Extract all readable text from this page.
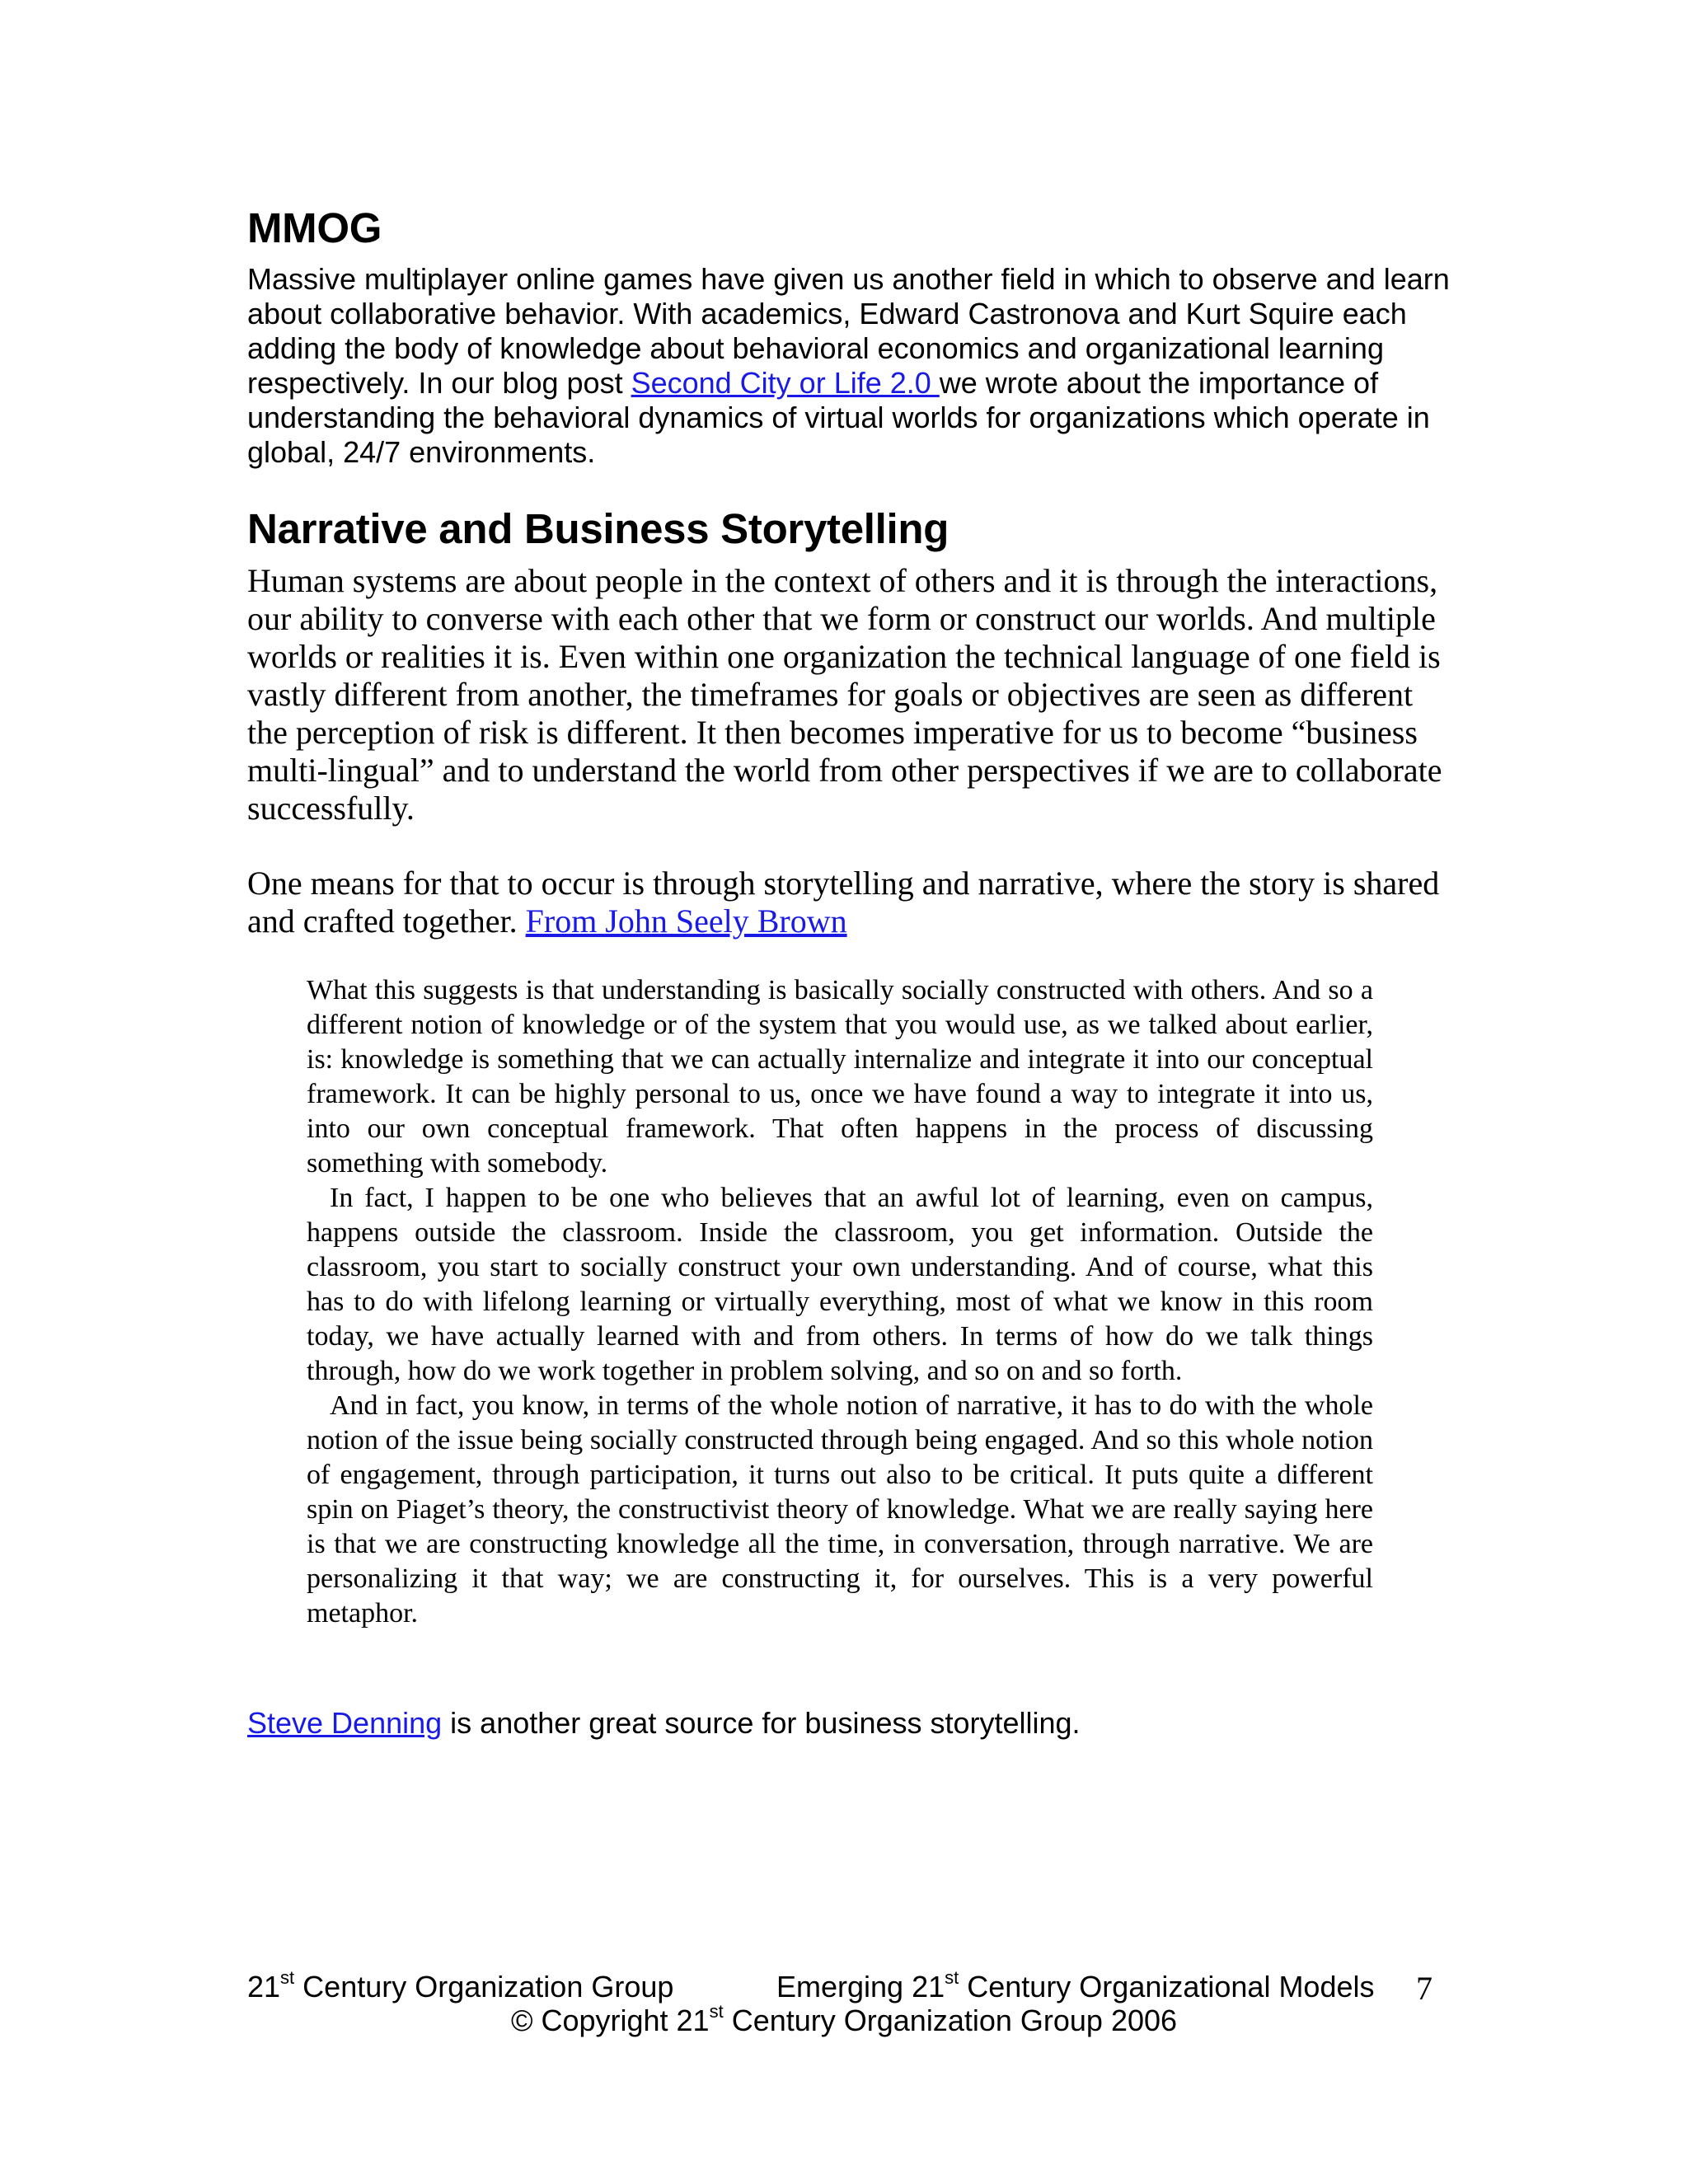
MMOG

Massive multiplayer online games have given us another field in which to observe and learn about collaborative behavior. With academics, Edward Castronova and Kurt Squire each adding the body of knowledge about behavioral economics and organizational learning respectively. In our blog post Second City or Life 2.0 we wrote about the importance of understanding the behavioral dynamics of virtual worlds for organizations which operate in global, 24/7 environments.

Narrative and Business Storytelling

Human systems are about people in the context of others and it is through the interactions, our ability to converse with each other that we form or construct our worlds. And multiple worlds or realities it is. Even within one organization the technical language of one field is vastly different from another, the timeframes for goals or objectives are seen as different the perception of risk is different. It then becomes imperative for us to become “business multi-lingual” and to understand the world from other perspectives if we are to collaborate successfully.

One means for that to occur is through storytelling and narrative, where the story is shared and crafted together. From John Seely Brown

What this suggests is that understanding is basically socially constructed with others. And so a different notion of knowledge or of the system that you would use, as we talked about earlier, is: knowledge is something that we can actually internalize and integrate it into our conceptual framework. It can be highly personal to us, once we have found a way to integrate it into us, into our own conceptual framework. That often happens in the process of discussing something with somebody.

In fact, I happen to be one who believes that an awful lot of learning, even on campus, happens outside the classroom. Inside the classroom, you get information. Outside the classroom, you start to socially construct your own understanding. And of course, what this has to do with lifelong learning or virtually everything, most of what we know in this room today, we have actually learned with and from others. In terms of how do we talk things through, how do we work together in problem solving, and so on and so forth.

And in fact, you know, in terms of the whole notion of narrative, it has to do with the whole notion of the issue being socially constructed through being engaged. And so this whole notion of engagement, through participation, it turns out also to be critical. It puts quite a different spin on Piaget’s theory, the constructivist theory of knowledge. What we are really saying here is that we are constructing knowledge all the time, in conversation, through narrative. We are personalizing it that way; we are constructing it, for ourselves. This is a very powerful metaphor.

Steve Denning is another great source for business storytelling.

21st Century Organization Group	Emerging 21st Century Organizational Models 7
© Copyright 21st Century Organization Group 2006
